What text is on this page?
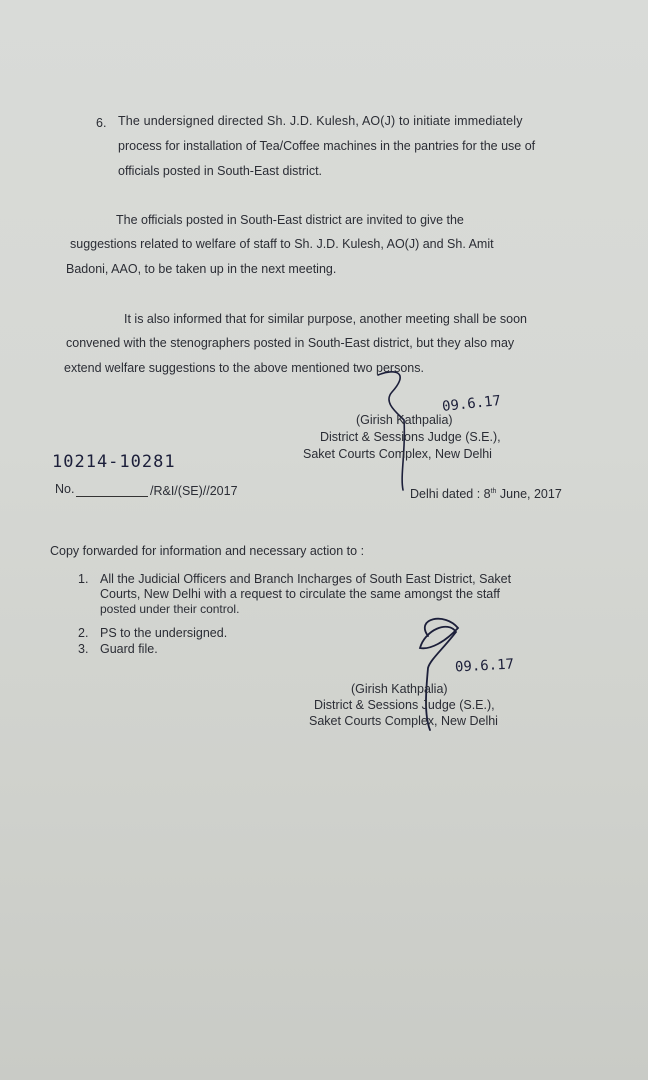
6. The undersigned directed Sh. J.D. Kulesh, AO(J) to initiate immediately
process for installation of Tea/Coffee machines in the pantries for the use of
officials posted in South-East district.
The officials posted in South-East district are invited to give the
suggestions related to welfare of staff to Sh. J.D. Kulesh, AO(J) and Sh. Amit
Badoni, AAO, to be taken up in the next meeting.
It is also informed that for similar purpose, another meeting shall be soon
convened with the stenographers posted in South-East district, but they also may
extend welfare suggestions to the above mentioned two persons.
09.6.17
(Girish Kathpalia)
District & Sessions Judge (S.E.),
Saket Courts Complex, New Delhi
10214-10281
No.	/R&I/(SE)//2017	Delhi dated : 8th June, 2017
Copy forwarded for information and necessary action to :
1. All the Judicial Officers and Branch Incharges of South East District, Saket
Courts, New Delhi with a request to circulate the same amongst the staff
posted under their control.
2. PS to the undersigned.
3. Guard file.
09.6.17
(Girish Kathpalia)
District & Sessions Judge (S.E.),
Saket Courts Complex, New Delhi
